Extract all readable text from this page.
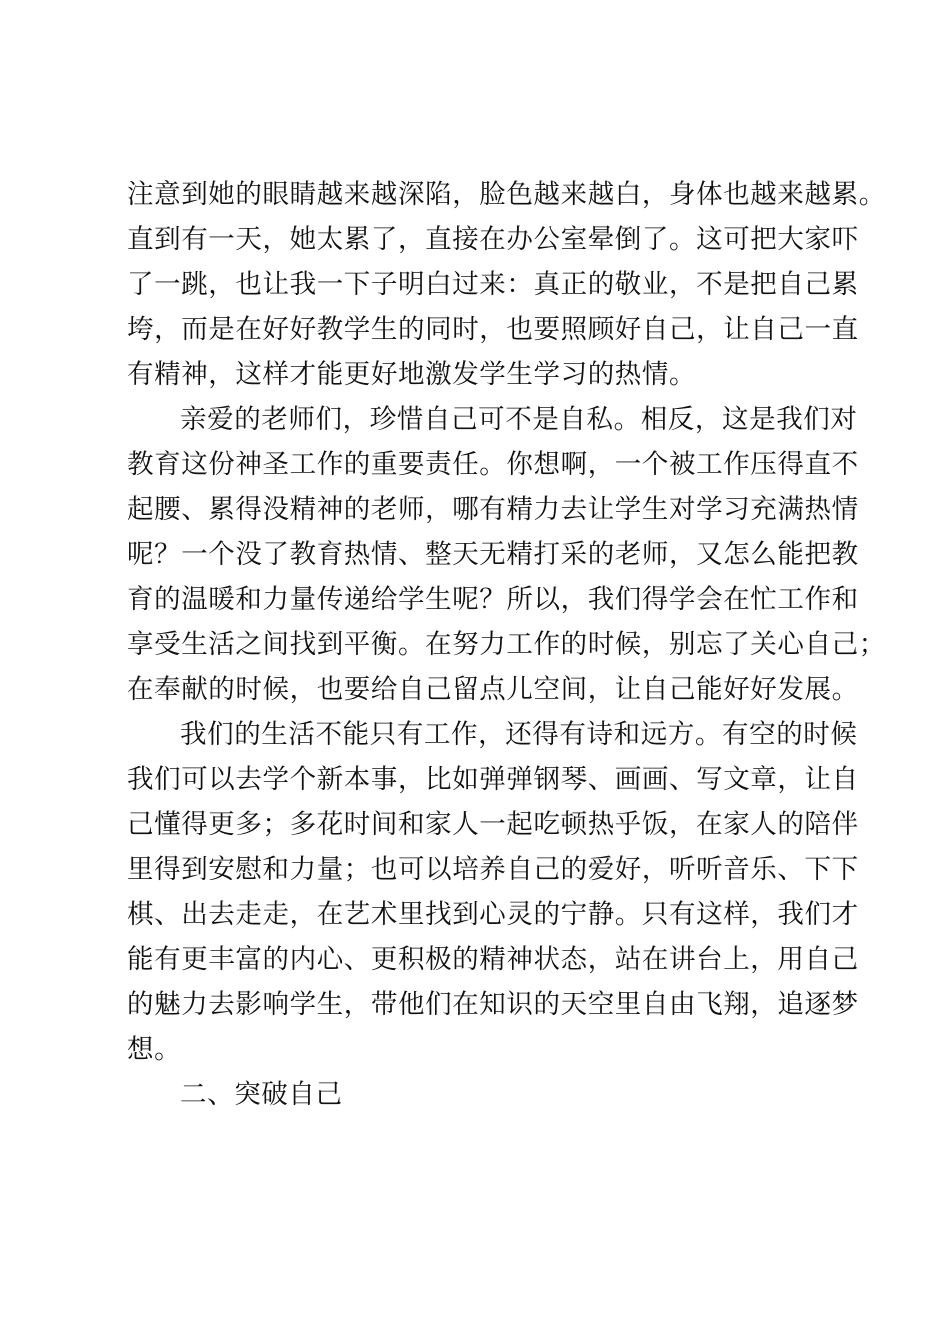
注意到她的眼睛越来越深陷，脸色越来越白，身体也越来越累。
直到有一天，她太累了，直接在办公室晕倒了。这可把大家吓
了一跳，也让我一下子明白过来：真正的敬业，不是把自己累
垮，而是在好好教学生的同时，也要照顾好自己，让自己一直
有精神，这样才能更好地激发学生学习的热情。
亲爱的老师们，珍惜自己可不是自私。相反，这是我们对
教育这份神圣工作的重要责任。你想啊，一个被工作压得直不
起腰、累得没精神的老师，哪有精力去让学生对学习充满热情
呢？一个没了教育热情、整天无精打采的老师，又怎么能把教
育的温暖和力量传递给学生呢？所以，我们得学会在忙工作和
享受生活之间找到平衡。在努力工作的时候，别忘了关心自己；
在奉献的时候，也要给自己留点儿空间，让自己能好好发展。
我们的生活不能只有工作，还得有诗和远方。有空的时候
我们可以去学个新本事，比如弹弹钢琴、画画、写文章，让自
己懂得更多；多花时间和家人一起吃顿热乎饭，在家人的陪伴
里得到安慰和力量；也可以培养自己的爱好，听听音乐、下下
棋、出去走走，在艺术里找到心灵的宁静。只有这样，我们才
能有更丰富的内心、更积极的精神状态，站在讲台上，用自己
的魅力去影响学生，带他们在知识的天空里自由飞翔，追逐梦
想。
二、突破自己
